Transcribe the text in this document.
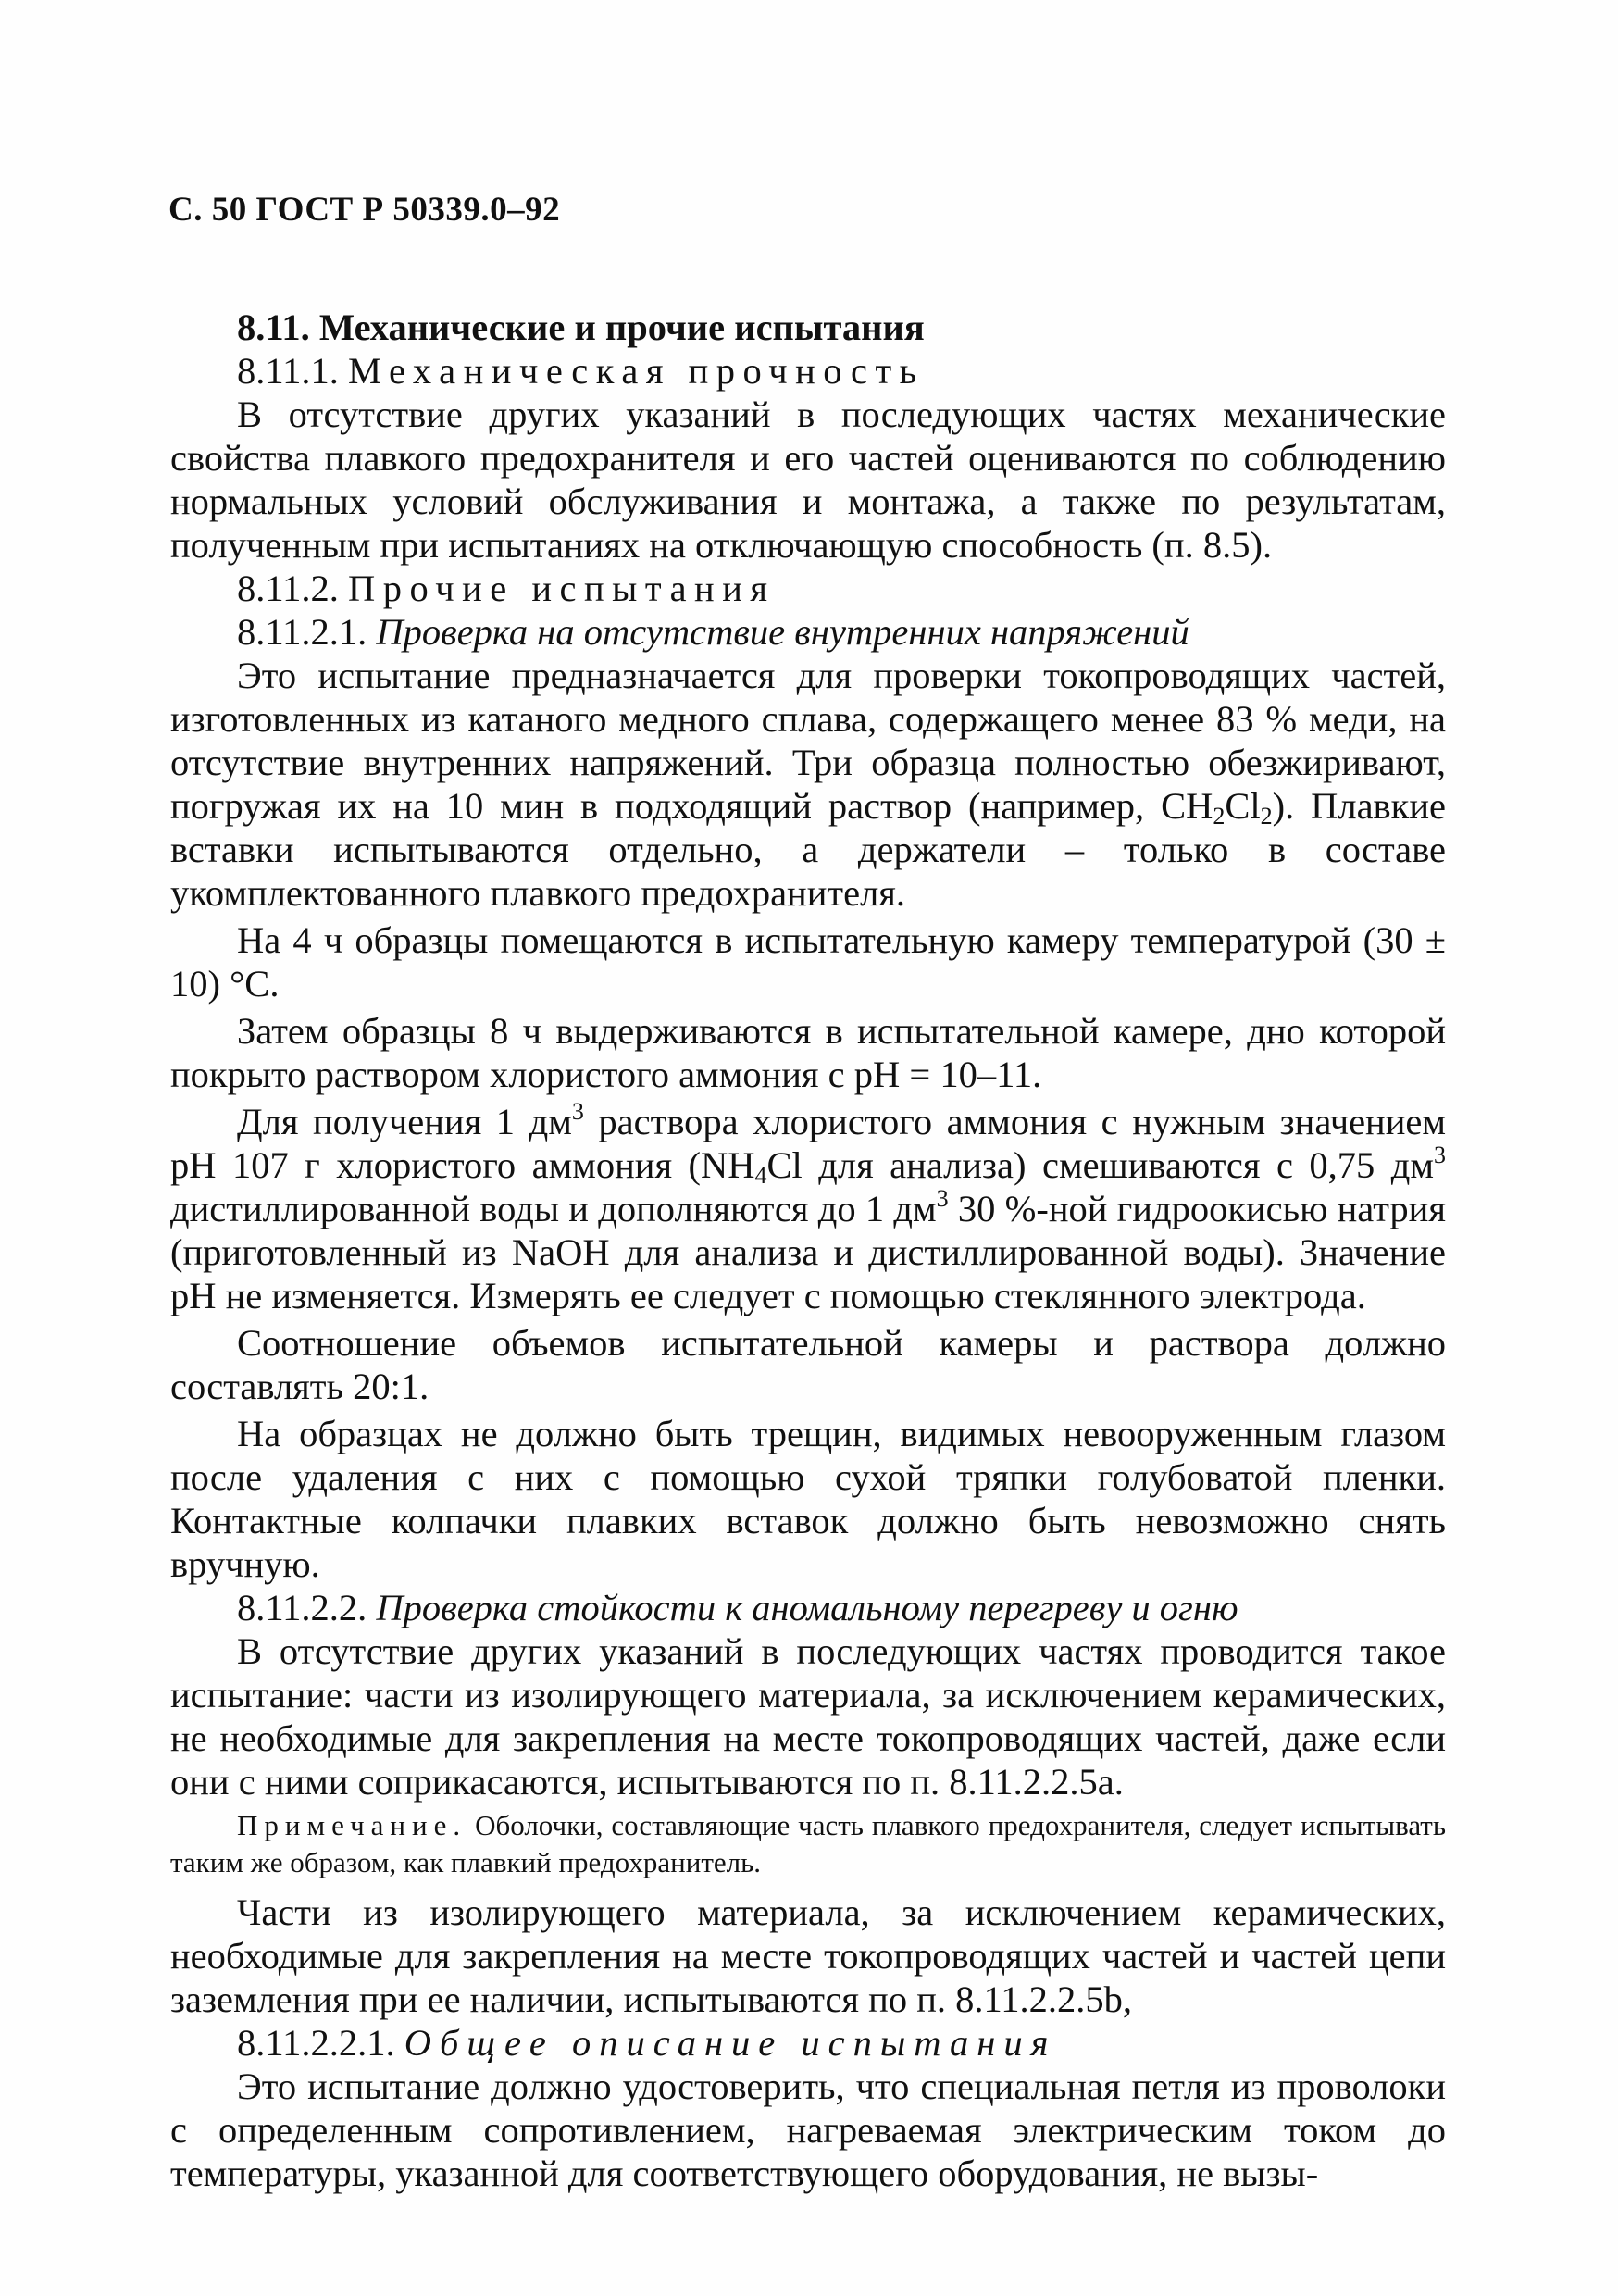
С. 50 ГОСТ Р 50339.0–92

8.11. Механические и прочие испытания

8.11.1. Механическая прочность

В отсутствие других указаний в последующих частях механические свойства плавкого предохранителя и его частей оцениваются по соблюдению нормальных условий обслуживания и монтажа, а также по результатам, полученным при испытаниях на отключающую способность (п. 8.5).

8.11.2. Прочие испытания

8.11.2.1. Проверка на отсутствие внутренних напряжений

Это испытание предназначается для проверки токопроводящих частей, изготовленных из катаного медного сплава, содержащего менее 83 % меди, на отсутствие внутренних напряжений. Три образца полностью обезжиривают, погружая их на 10 мин в подходящий раствор (например, $CH_2Cl_2$). Плавкие вставки испытываются отдельно, а держатели – только в составе укомплектованного плавкого предохранителя.

На 4 ч образцы помещаются в испытательную камеру температурой (30 ± 10) °С.

Затем образцы 8 ч выдерживаются в испытательной камере, дно которой покрыто раствором хлористого аммония с pH = 10–11.

Для получения 1 $дм^3$ раствора хлористого аммония с нужным значением pH 107 г хлористого аммония ($NH_4Cl$ для анализа) смешиваются с 0,75 $дм^3$ дистиллированной воды и дополняются до 1 $дм^3$ 30 %-ной гидроокисью натрия (приготовленный из NaOH для анализа и дистиллированной воды). Значение pH не изменяется. Измерять ее следует с помощью стеклянного электрода.

Соотношение объемов испытательной камеры и раствора должно составлять 20:1.

На образцах не должно быть трещин, видимых невооруженным глазом после удаления с них с помощью сухой тряпки голубоватой пленки. Контактные колпачки плавких вставок должно быть невозможно снять вручную.

8.11.2.2. Проверка стойкости к аномальному перегреву и огню

В отсутствие других указаний в последующих частях проводится такое испытание: части из изолирующего материала, за исключением керамических, не необходимые для закрепления на месте токопроводящих частей, даже если они с ними соприкасаются, испытываются по п. 8.11.2.2.5а.

Примечание. Оболочки, составляющие часть плавкого предохранителя, следует испытывать таким же образом, как плавкий предохранитель.

Части из изолирующего материала, за исключением керамических, необходимые для закрепления на месте токопроводящих частей и частей цепи заземления при ее наличии, испытываются по п. 8.11.2.2.5b,

8.11.2.2.1. Общее описание испытания

Это испытание должно удостоверить, что специальная петля из проволоки с определенным сопротивлением, нагреваемая электрическим током до температуры, указанной для соответствующего оборудования, не вызы-
